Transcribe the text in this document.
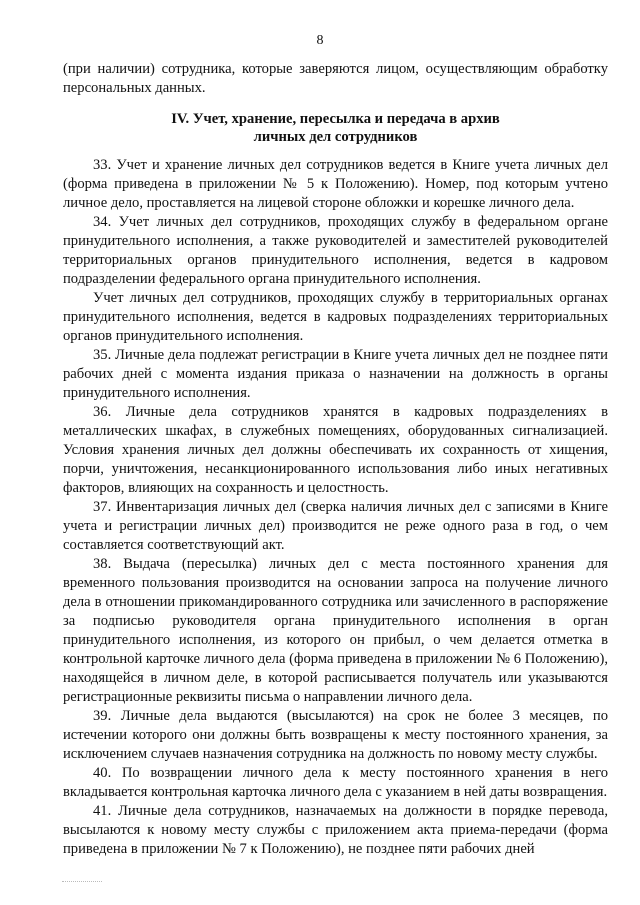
8

(при наличии) сотрудника, которые заверяются лицом, осуществляющим обработку персональных данных.

IV. Учет, хранение, пересылка и передача в архив
личных дел сотрудников

33. Учет и хранение личных дел сотрудников ведется в Книге учета личных дел (форма приведена в приложении № 5 к Положению). Номер, под которым учтено личное дело, проставляется на лицевой стороне обложки и корешке личного дела.

34. Учет личных дел сотрудников, проходящих службу в федеральном органе принудительного исполнения, а также руководителей и заместителей руководителей территориальных органов принудительного исполнения, ведется в кадровом подразделении федерального органа принудительного исполнения.

Учет личных дел сотрудников, проходящих службу в территориальных органах принудительного исполнения, ведется в кадровых подразделениях территориальных органов принудительного исполнения.

35. Личные дела подлежат регистрации в Книге учета личных дел не позднее пяти рабочих дней с момента издания приказа о назначении на должность в органы принудительного исполнения.

36. Личные дела сотрудников хранятся в кадровых подразделениях в металлических шкафах, в служебных помещениях, оборудованных сигнализацией. Условия хранения личных дел должны обеспечивать их сохранность от хищения, порчи, уничтожения, несанкционированного использования либо иных негативных факторов, влияющих на сохранность и целостность.

37. Инвентаризация личных дел (сверка наличия личных дел с записями в Книге учета и регистрации личных дел) производится не реже одного раза в год, о чем составляется соответствующий акт.

38. Выдача (пересылка) личных дел с места постоянного хранения для временного пользования производится на основании запроса на получение личного дела в отношении прикомандированного сотрудника или зачисленного в распоряжение за подписью руководителя органа принудительного исполнения в орган принудительного исполнения, из которого он прибыл, о чем делается отметка в контрольной карточке личного дела (форма приведена в приложении № 6 Положению), находящейся в личном деле, в которой расписывается получатель или указываются регистрационные реквизиты письма о направлении личного дела.

39. Личные дела выдаются (высылаются) на срок не более 3 месяцев, по истечении которого они должны быть возвращены к месту постоянного хранения, за исключением случаев назначения сотрудника на должность по новому месту службы.

40. По возвращении личного дела к месту постоянного хранения в него вкладывается контрольная карточка личного дела с указанием в ней даты возвращения.

41. Личные дела сотрудников, назначаемых на должности в порядке перевода, высылаются к новому месту службы с приложением акта приема-передачи (форма приведена в приложении № 7 к Положению), не позднее пяти рабочих дней
